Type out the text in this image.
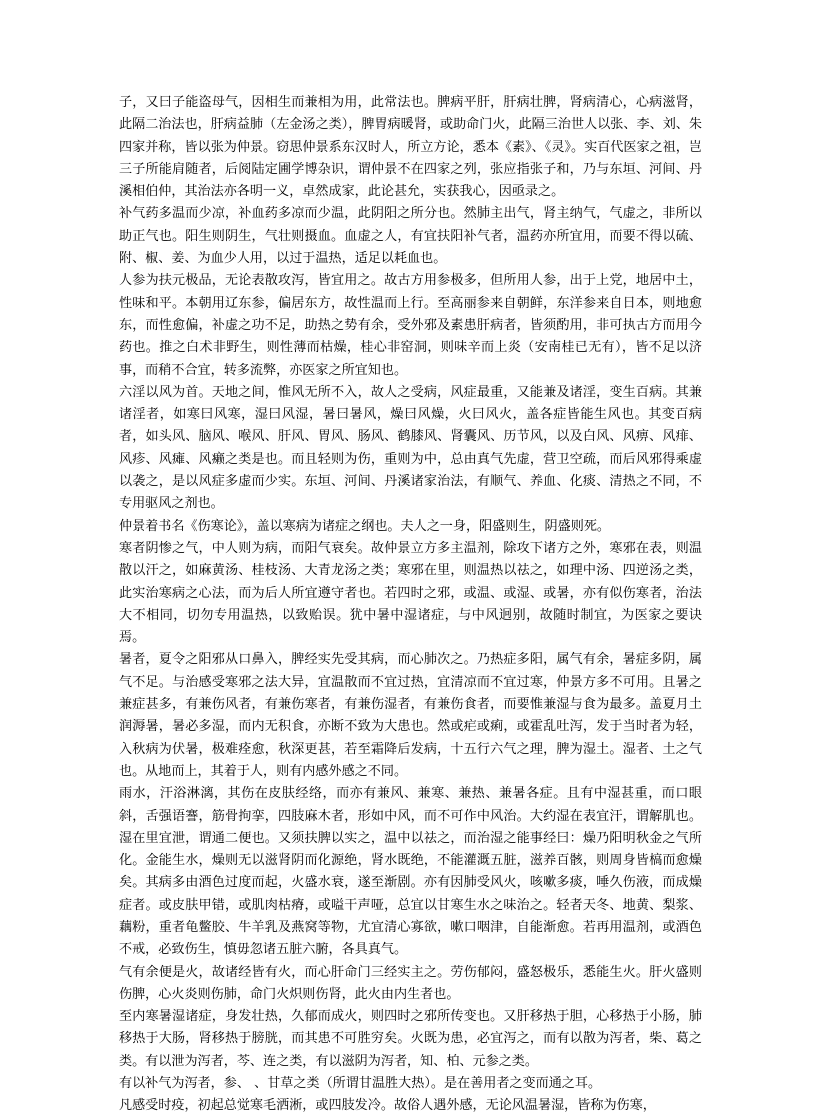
子，又曰子能盗母气，因相生而兼相为用，此常法也。脾病平肝，肝病壮脾，肾病清心，心病滋肾，此隔二治法也，肝病益肺（左金汤之类），脾胃病暖肾，或助命门火，此隔三治世人以张、李、刘、朱四家并称，皆以张为仲景。窃思仲景系东汉时人，所立方论，悉本《素》、《灵》。实百代医家之祖，岂三子所能肩随者，后阅陆定圃学博杂识，谓仲景不在四家之列，张应指张子和，乃与东垣、河间、丹溪相伯仲，其治法亦各明一义，卓然成家，此论甚允，实获我心，因亟录之。

补气药多温而少凉，补血药多凉而少温，此阴阳之所分也。然肺主出气，肾主纳气，气虚之，非所以助正气也。阳生则阴生，气壮则摄血。血虚之人，有宜扶阳补气者，温药亦所宜用，而要不得以硫、附、椒、姜、为血少人用，以过于温热，适足以耗血也。

人参为扶元极品，无论表散攻泻，皆宜用之。故古方用参极多，但所用人参，出于上党，地居中土，性味和平。本朝用辽东参，偏居东方，故性温而上行。至高丽参来自朝鲜，东洋参来自日本，则地愈东，而性愈偏，补虚之功不足，助热之势有余，受外邪及素患肝病者，皆须酌用，非可执古方而用今药也。推之白术非野生，则性薄而枯燥，桂心非窑洞，则味辛而上炎（安南桂已无有），皆不足以济事，而稍不合宜，转多流弊，亦医家之所宜知也。

六淫以风为首。天地之间，惟风无所不入，故人之受病，风症最重，又能兼及诸淫，变生百病。其兼诸淫者，如寒曰风寒，湿曰风湿，暑曰暑风，燥曰风燥，火曰风火，盖各症皆能生风也。其变百病者，如头风、脑风、喉风、肝风、胃风、肠风、鹤膝风、肾囊风、历节风，以及白风、风痹、风痱、风疹、风瘫、风癞之类是也。而且轻则为伤，重则为中，总由真气先虚，营卫空疏，而后风邪得乘虚以袭之，是以风症多虚而少实。东垣、河间、丹溪诸家治法，有顺气、养血、化痰、清热之不同，不专用驱风之剂也。

仲景着书名《伤寒论》，盖以寒病为诸症之纲也。夫人之一身，阳盛则生，阴盛则死。

寒者阴惨之气，中人则为病，而阳气衰矣。故仲景立方多主温剂，除攻下诸方之外，寒邪在表，则温散以汗之，如麻黄汤、桂枝汤、大青龙汤之类；寒邪在里，则温热以祛之，如理中汤、四逆汤之类，此实治寒病之心法，而为后人所宜遵守者也。若四时之邪，或温、或湿、或暑，亦有似伤寒者，治法大不相同，切勿专用温热，以致贻误。犹中暑中湿诸症，与中风迥别，故随时制宜，为医家之要诀焉。

暑者，夏令之阳邪从口鼻入，脾经实先受其病，而心肺次之。乃热症多阳，属气有余，暑症多阴，属气不足。与治感受寒邪之法大异，宜温散而不宜过热，宜清凉而不宜过寒，仲景方多不可用。且暑之兼症甚多，有兼伤风者，有兼伤寒者，有兼伤湿者，有兼伤食者，而要惟兼湿与食为最多。盖夏月土润溽暑，暑必多湿，而内无积食，亦断不致为大患也。然或疟或痢，或霍乱吐泻，发于当时者为轻，入秋病为伏暑，极难痊愈，秋深更甚，若至霜降后发病，十五行六气之理，脾为湿土。湿者、土之气也。从地而上，其着于人，则有内感外感之不同。

雨水，汗浴淋漓，其伤在皮肤经络，而亦有兼风、兼寒、兼热、兼暑各症。且有中湿甚重，而口眼 斜，舌强语謇，筋骨拘挛，四肢麻木者，形如中风，而不可作中风治。大约湿在表宜汗，谓解肌也。湿在里宜泄，谓通二便也。又须扶脾以实之，温中以祛之，而治湿之能事经曰：燥乃阳明秋金之气所化。金能生水，燥则无以滋肾阴而化源绝，肾水既绝，不能灌溉五脏，滋养百骸，则周身皆槁而愈燥矣。其病多由酒色过度而起，火盛水衰，遂至渐剧。亦有因肺受风火，咳嗽多痰，唾久伤液，而成燥症者。或皮肤甲错，或肌肉枯瘠，或嗌干声哑，总宜以甘寒生水之味治之。轻者天冬、地黄、梨浆、藕粉，重者龟鳖胶、牛羊乳及燕窝等物，尤宜清心寡欲，嗽口咽津，自能渐愈。若再用温剂，或酒色不戒，必致伤生，慎毋忽诸五脏六腑，各具真气。

气有余便是火，故诸经皆有火，而心肝命门三经实主之。劳伤郁闷，盛怒极乐，悉能生火。肝火盛则伤脾，心火炎则伤肺，命门火炽则伤肾，此火由内生者也。

至内寒暑湿诸症，身发壮热，久郁而成火，则四时之邪所传变也。又肝移热于胆，心移热于小肠，肺移热于大肠，肾移热于膀胱，而其患不可胜穷矣。火既为患，必宜泻之，而有以散为泻者，柴、葛之类。有以泄为泻者，芩、连之类，有以滋阴为泻者，知、柏、元参之类。

有以补气为泻者，参、 、甘草之类（所谓甘温胜大热）。是在善用者之变而通之耳。

凡感受时疫，初起总觉寒毛洒淅，或四肢发冷。故俗人遇外感，无论风温暑湿，皆称为伤寒，
